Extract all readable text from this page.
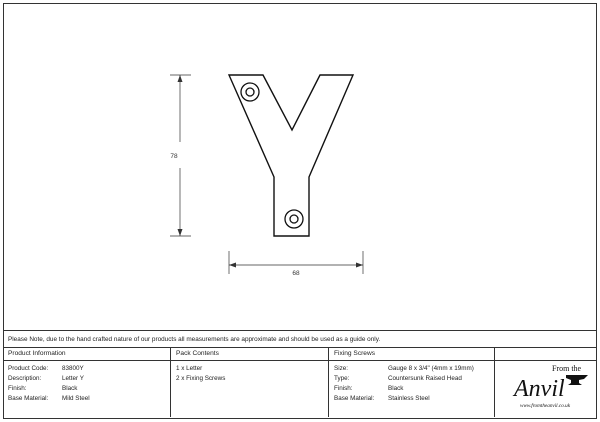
78
68
Please Note, due to the hand crafted nature of our products all measurements are approximate and should be used as a guide only.
Product Information
Product Code: 83800Y
Description:	Letter Y
Finish:	Black
Base Material: Mild Steel
Pack Contents
1 x Letter
2 x Fixing Screws
Fixing Screws
Size:	Gauge 8 x 3/4" (4mm x 19mm)
Type:	Countersunk Raised Head
Finish:	Black
Base Material: Stainless Steel
From the
Anvil
www.fromtheanvil.co.uk
